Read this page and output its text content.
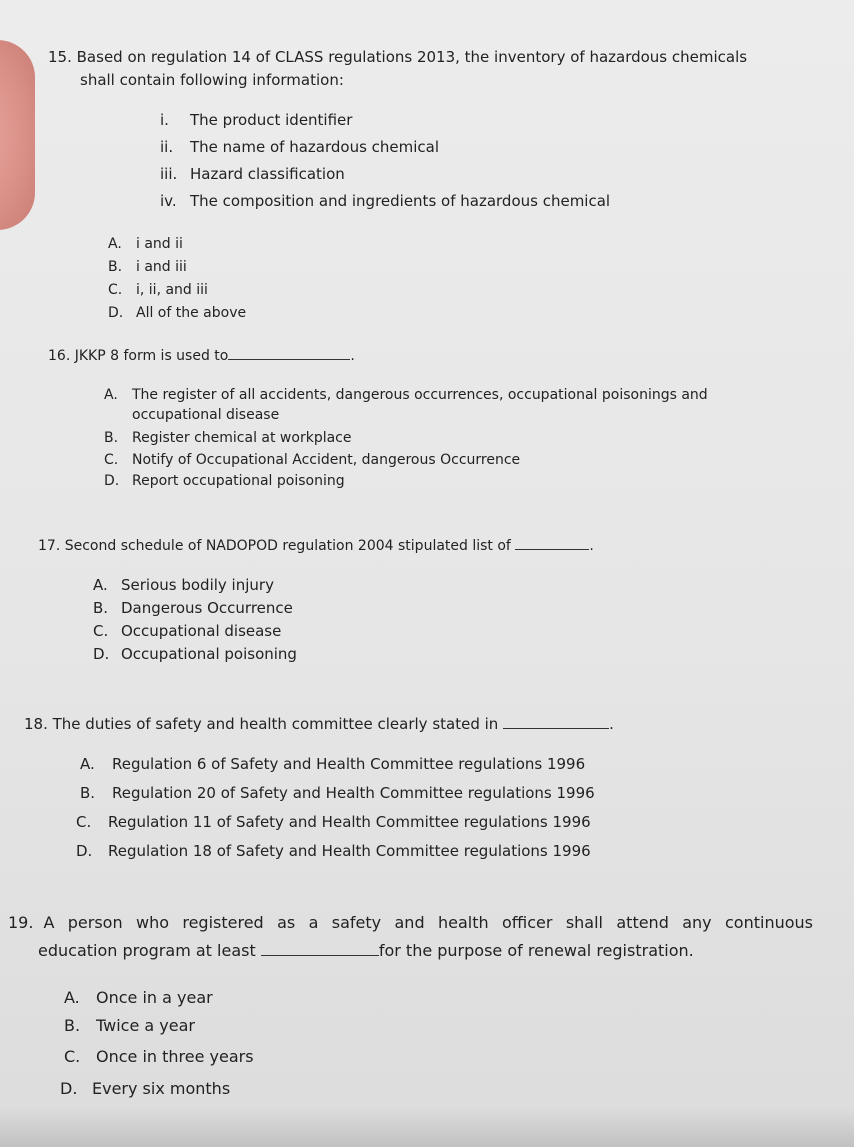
15. Based on regulation 14 of CLASS regulations 2013, the inventory of hazardous chemicals
shall contain following information:
i. The product identifier
ii. The name of hazardous chemical
iii. Hazard classification
iv. The composition and ingredients of hazardous chemical
A. i and ii
B. i and iii
C. i, ii, and iii
D. All of the above
16. JKKP 8 form is used to	.
A. The register of all accidents, dangerous occurrences, occupational poisonings and
occupational disease
B. Register chemical at workplace
C. Notify of Occupational Accident, dangerous Occurrence
D. Report occupational poisoning
17. Second schedule of NADOPOD regulation 2004 stipulated list of	.
A. Serious bodily injury
B. Dangerous Occurrence
C. Occupational disease
D. Occupational poisoning
18. The duties of safety and health committee clearly stated in	.
A. Regulation 6 of Safety and Health Committee regulations 1996
B. Regulation 20 of Safety and Health Committee regulations 1996
C. Regulation 11 of Safety and Health Committee regulations 1996
D. Regulation 18 of Safety and Health Committee regulations 1996
19. A person who registered as a safety and health officer shall attend any continuous
education program at least	for the purpose of renewal registration.
A. Once in a year
B. Twice a year
C. Once in three years
D. Every six months
